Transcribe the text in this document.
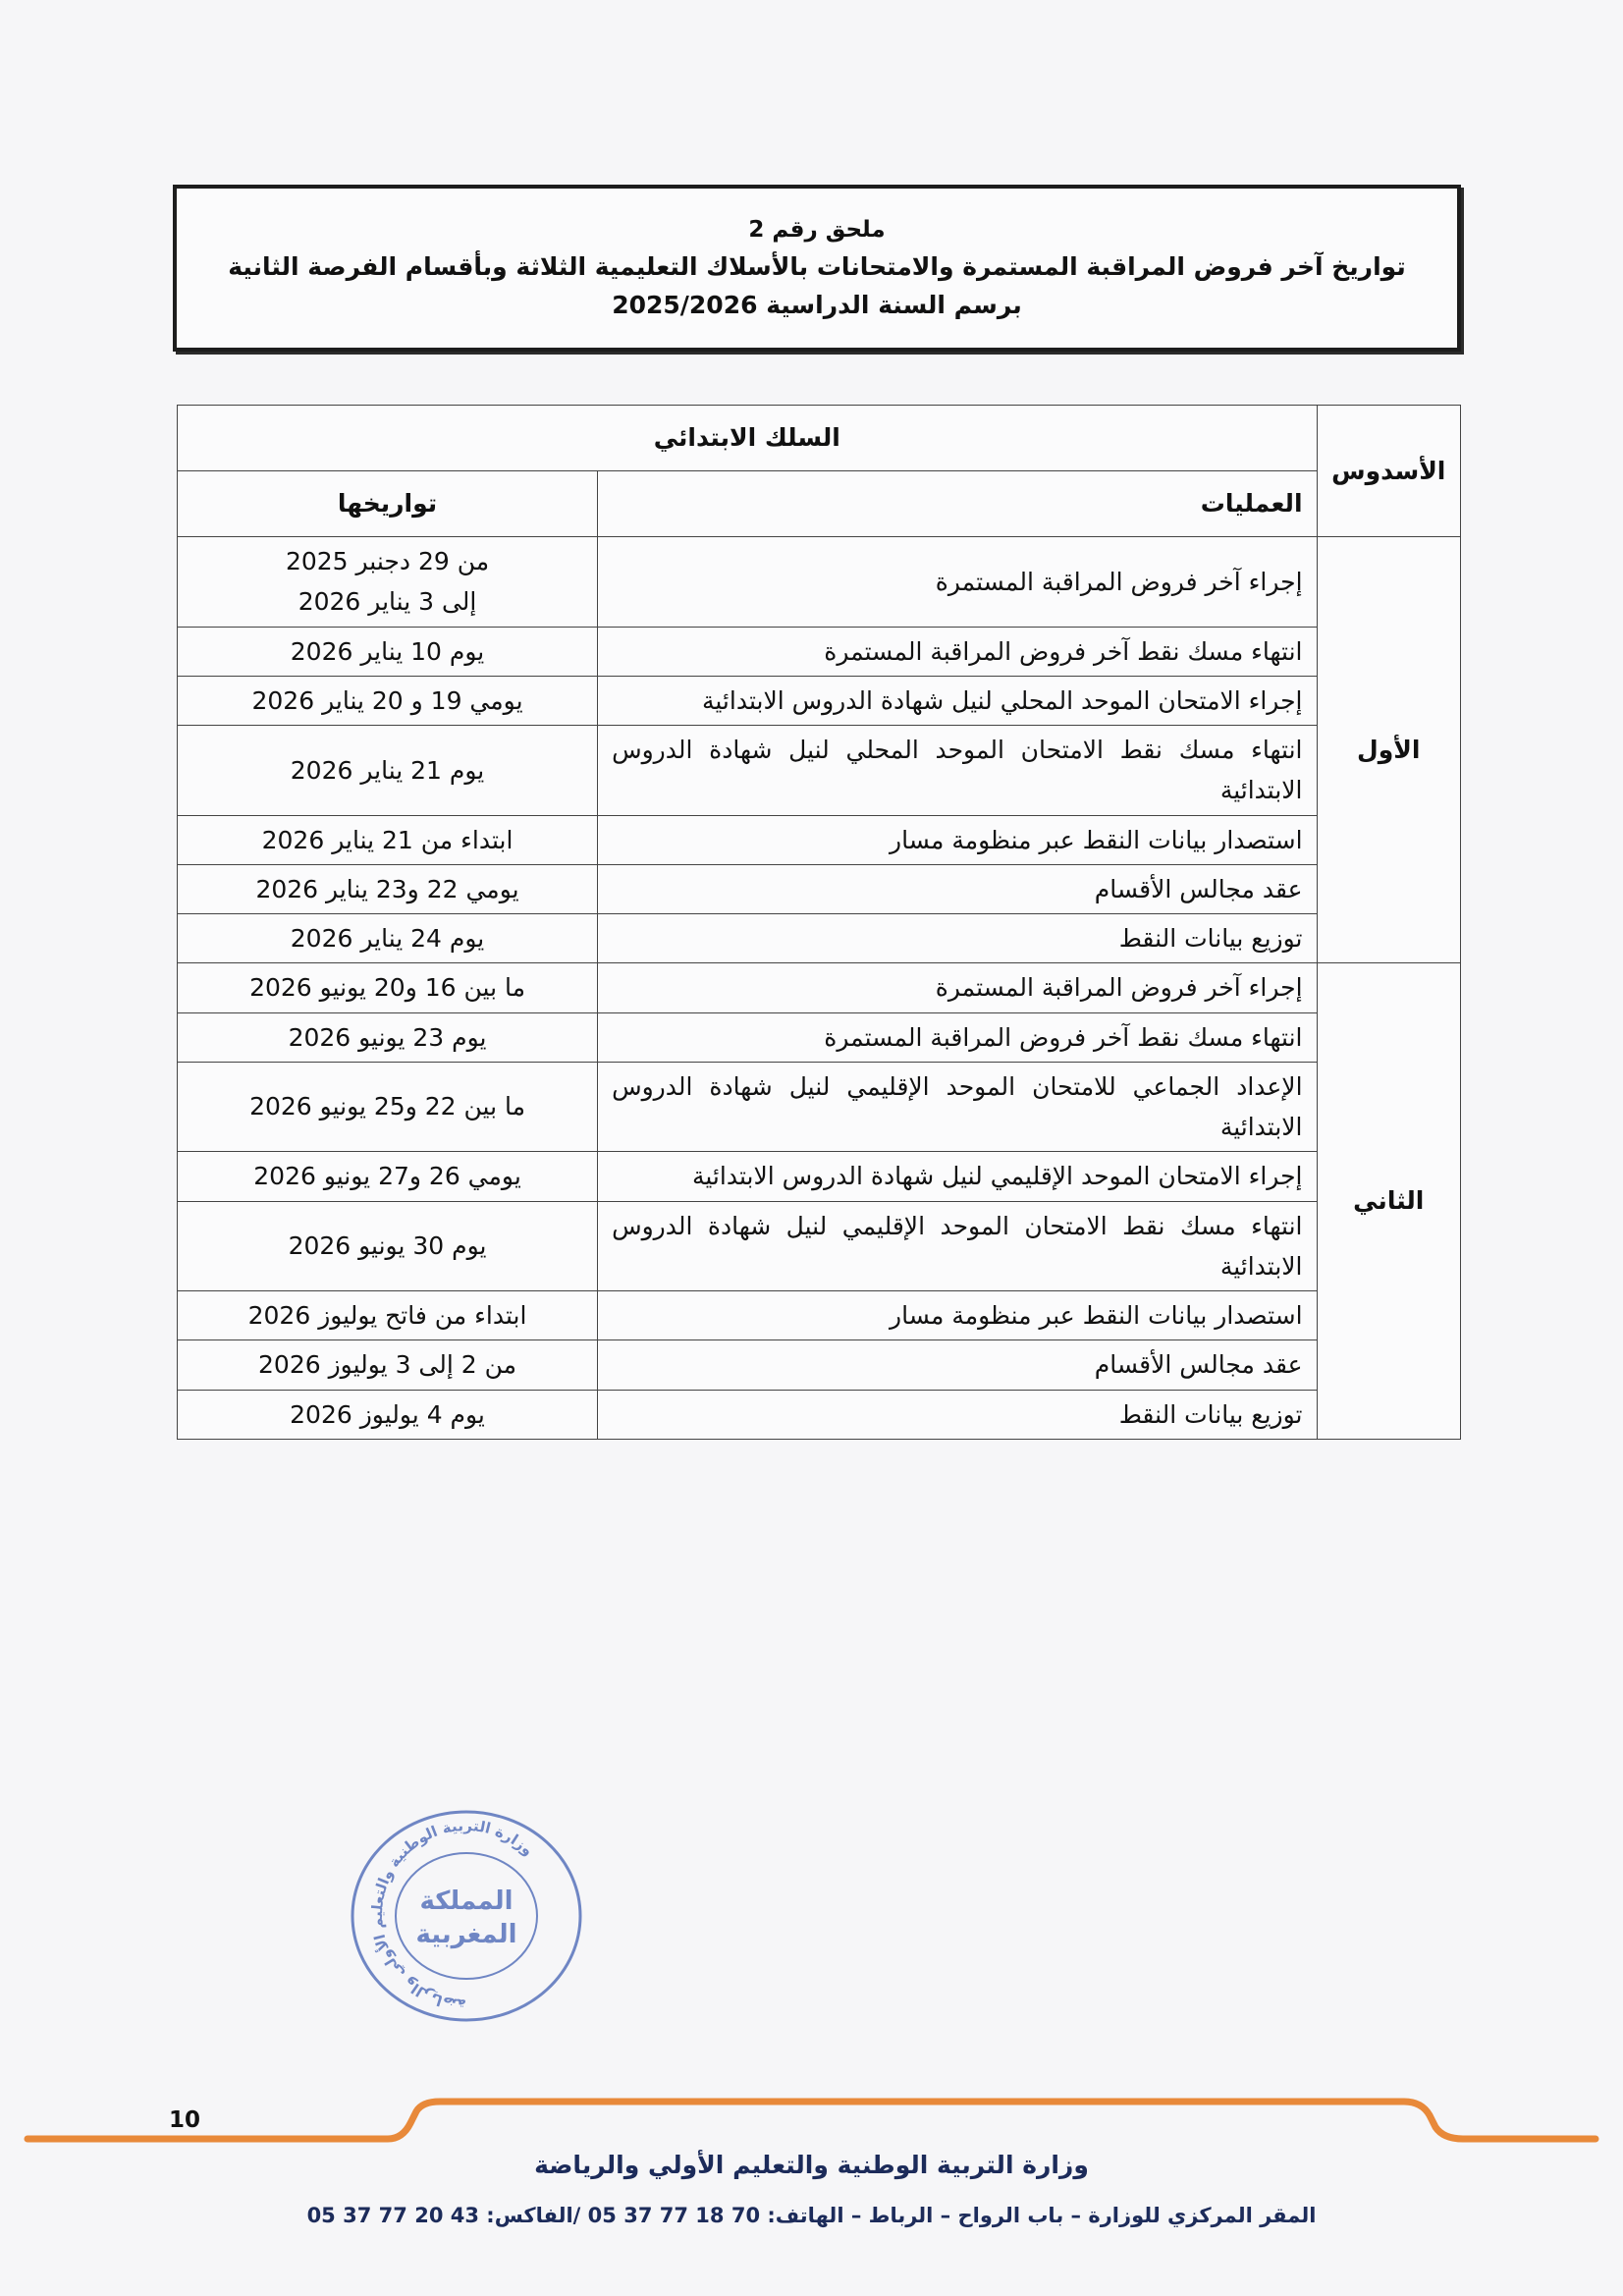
ملحق رقم 2
تواريخ آخر فروض المراقبة المستمرة والامتحانات بالأسلاك التعليمية الثلاثة وبأقسام الفرصة الثانية
برسم السنة الدراسية 2025/2026
الأسدوس	السلك الابتدائي	
	العمليات	تواريخها
الأول	إجراء آخر فروض المراقبة المستمرة	من 29 دجنبر 2025
إلى 3 يناير 2026

	انتهاء مسك نقط آخر فروض المراقبة المستمرة	يوم 10 يناير 2026

	إجراء الامتحان الموحد المحلي لنيل شهادة الدروس الابتدائية	يومي 19 و 20 يناير 2026

	انتهاء مسك نقط الامتحان الموحد المحلي لنيل شهادة الدروس الابتدائية	يوم 21 يناير 2026

	استصدار بيانات النقط عبر منظومة مسار	ابتداء من 21 يناير 2026

	عقد مجالس الأقسام	يومي 22 و23 يناير 2026

	توزيع بيانات النقط	يوم 24 يناير 2026

الثاني	إجراء آخر فروض المراقبة المستمرة	ما بين 16 و20 يونيو 2026

	انتهاء مسك نقط آخر فروض المراقبة المستمرة	يوم 23 يونيو 2026

	الإعداد الجماعي للامتحان الموحد الإقليمي لنيل شهادة الدروس الابتدائية	ما بين 22 و25 يونيو 2026

	إجراء الامتحان الموحد الإقليمي لنيل شهادة الدروس الابتدائية	يومي 26 و27 يونيو 2026

	انتهاء مسك نقط الامتحان الموحد الإقليمي لنيل شهادة الدروس الابتدائية	يوم 30 يونيو 2026

	استصدار بيانات النقط عبر منظومة مسار	ابتداء من فاتح يوليوز 2026

	عقد مجالس الأقسام	من 2 إلى 3 يوليوز 2026

	توزيع بيانات النقط	يوم 4 يوليوز 2026
وزارة التربية الوطنية والتعليم الأولي والرياضة
المملكة
المغربية
10
وزارة التربية الوطنية والتعليم الأولي والرياضة
المقر المركزي للوزارة – باب الرواح – الرباط – الهاتف: 70 18 77 37 05 /الفاكس: 43 20 77 37 05
